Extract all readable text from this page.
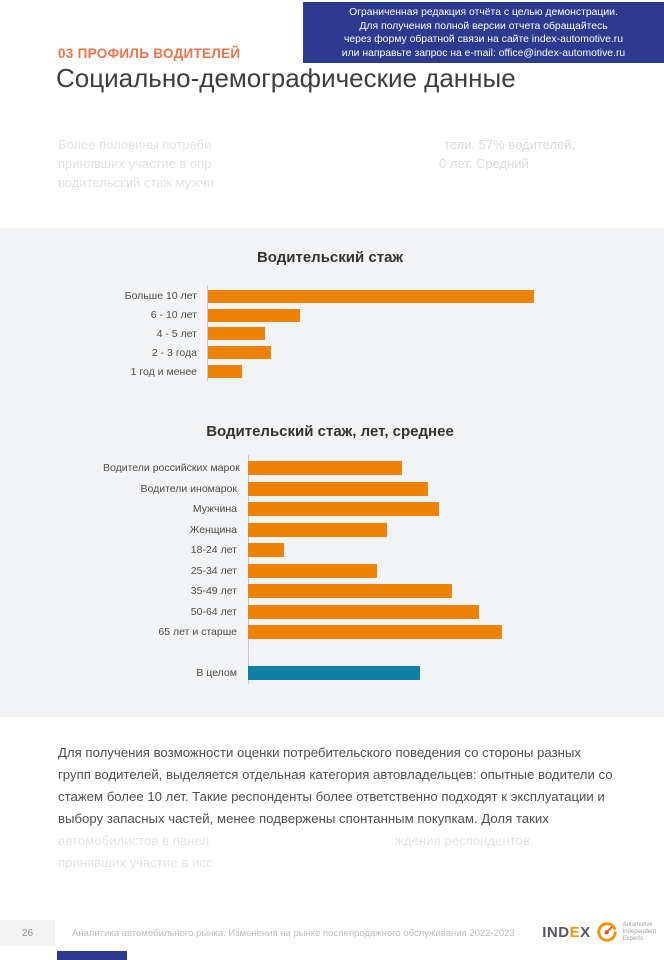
Ограниченная редакция отчёта с целью демонстрации.
Для получения полной версии отчета обращайтесь
через форму обратной связи на сайте index-automotive.ru
или направьте запрос на e-mail: office@index-automotive.ru
03 ПРОФИЛЬ ВОДИТЕЛЕЙ
Социально-демографические данные
Более половины потреби	тели. 57% водителей,
принявших участие в опр	0 лет. Средний
водительский стаж мужчи
Водительский стаж
Больше 10 лет
6 - 10 лет
4 - 5 лет
2 - 3 года
1 год и менее
Водительский стаж, лет, среднее
Водители российских марок
Водители иномарок
Мужчина
Женщина
18-24 лет
25-34 лет
35-49 лет
50-64 лет
65 лет и старше
В целом
Для получения возможности оценки потребительского поведения со стороны разных
групп водителей, выделяется отдельная категория автовладельцев: опытные водители со
стажем более 10 лет. Такие респонденты более ответственно подходят к эксплуатации и
выбору запасных частей, менее подвержены спонтанным покупкам. Доля таких
автомобилистов в панел	ждения респондентов.
принявших участие в исс
26	Аналитика автомобильного рынка. Изменения на рынке послепродажного обслуживания 2022-2023 INDEX	Automotive
Independent
Experts
